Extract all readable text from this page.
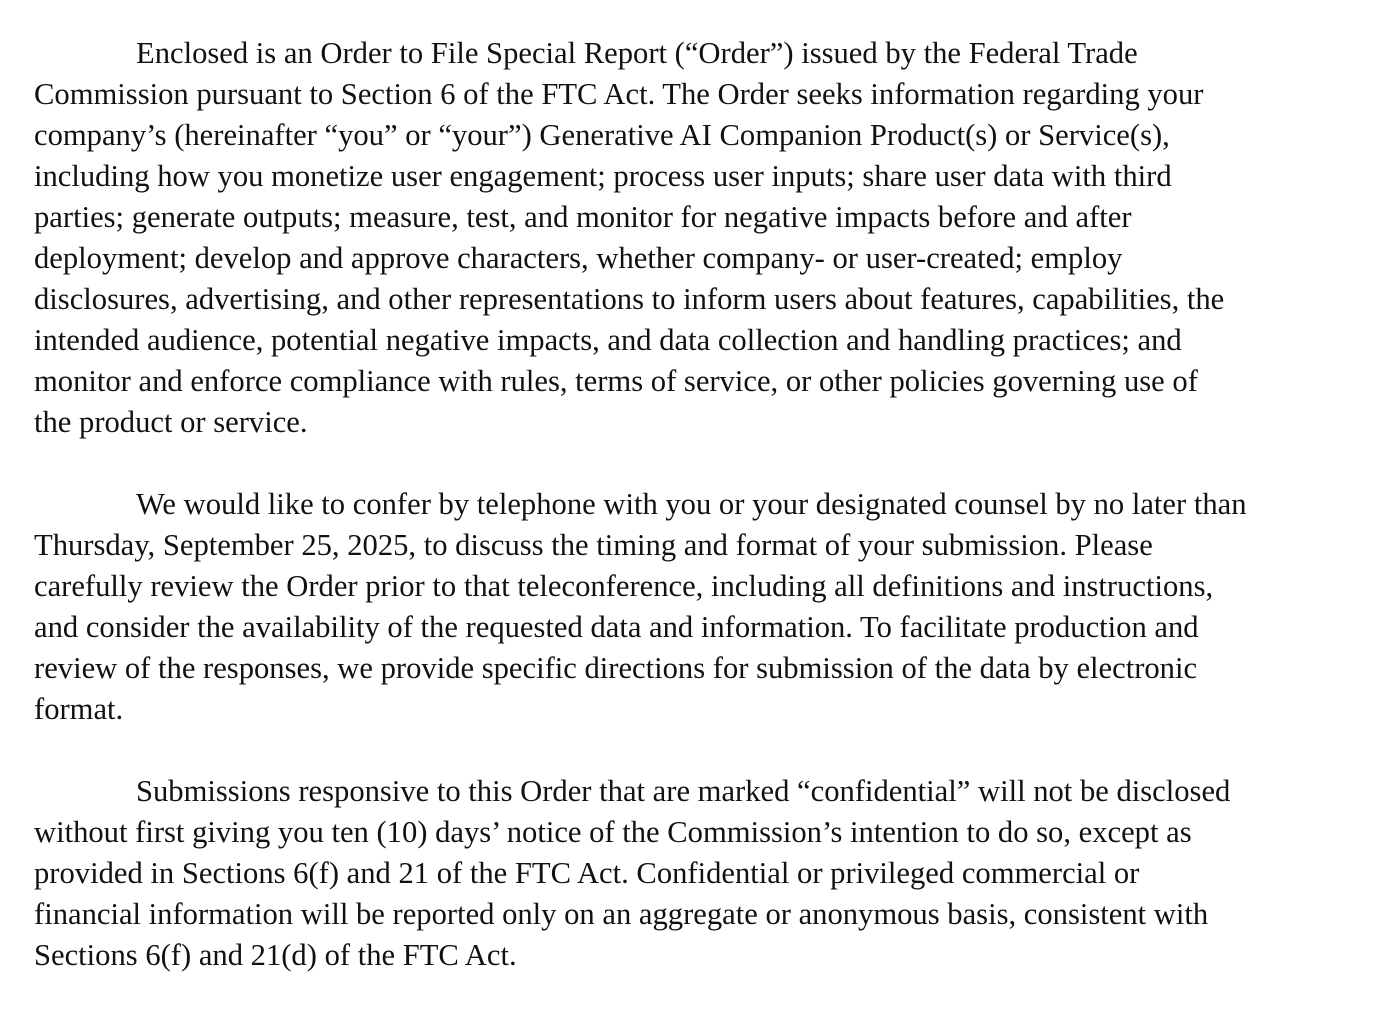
Enclosed is an Order to File Special Report (“Order”) issued by the Federal Trade
Commission pursuant to Section 6 of the FTC Act. The Order seeks information regarding your
company’s (hereinafter “you” or “your”) Generative AI Companion Product(s) or Service(s),
including how you monetize user engagement; process user inputs; share user data with third
parties; generate outputs; measure, test, and monitor for negative impacts before and after
deployment; develop and approve characters, whether company- or user-created; employ
disclosures, advertising, and other representations to inform users about features, capabilities, the
intended audience, potential negative impacts, and data collection and handling practices; and
monitor and enforce compliance with rules, terms of service, or other policies governing use of
the product or service.

We would like to confer by telephone with you or your designated counsel by no later than
Thursday, September 25, 2025, to discuss the timing and format of your submission. Please
carefully review the Order prior to that teleconference, including all definitions and instructions,
and consider the availability of the requested data and information. To facilitate production and
review of the responses, we provide specific directions for submission of the data by electronic
format.

Submissions responsive to this Order that are marked “confidential” will not be disclosed
without first giving you ten (10) days’ notice of the Commission’s intention to do so, except as
provided in Sections 6(f) and 21 of the FTC Act. Confidential or privileged commercial or
financial information will be reported only on an aggregate or anonymous basis, consistent with
Sections 6(f) and 21(d) of the FTC Act.
